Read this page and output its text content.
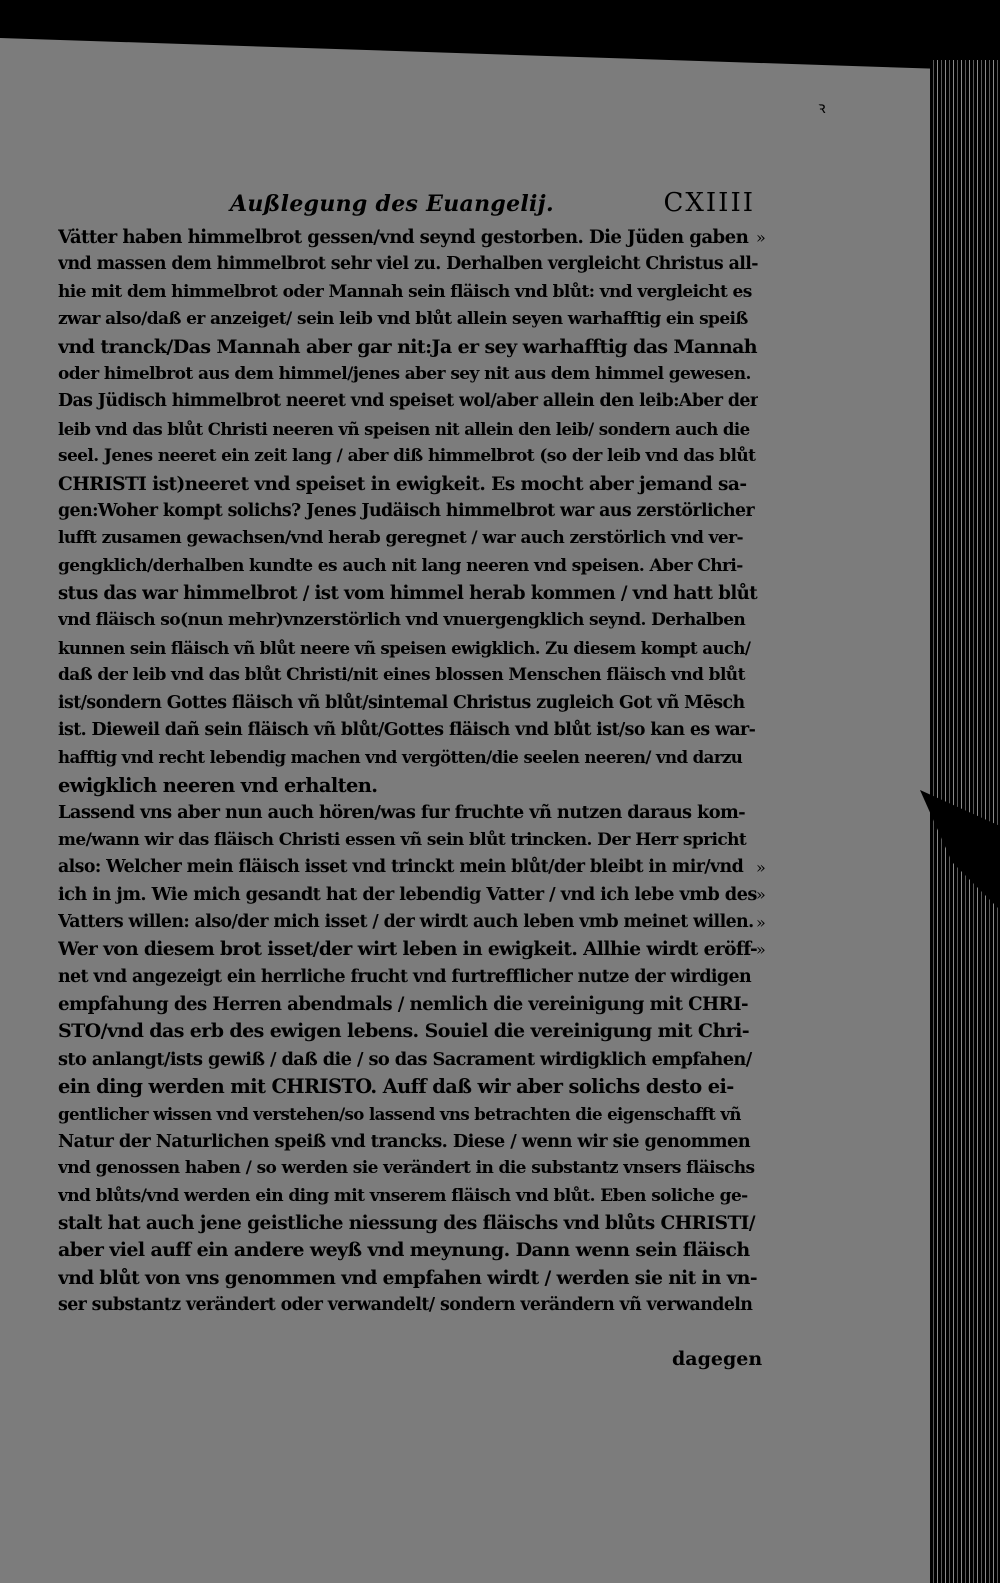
ꝛ
Außlegung des Euangelij.	CXIIII
Vätter haben himmelbrot gessen/vnd seynd gestorben. Die Jüden gaben
vnd massen dem himmelbrot sehr viel zu. Derhalben vergleicht Christus all-
hie mit dem himmelbrot oder Mannah sein fläisch vnd blůt: vnd vergleicht es
zwar also/daß er anzeiget/ sein leib vnd blůt allein seyen warhafftig ein speiß
vnd tranck/Das Mannah aber gar nit:Ja er sey warhafftig das Mannah
oder himelbrot aus dem himmel/jenes aber sey nit aus dem himmel gewesen.
Das Jüdisch himmelbrot neeret vnd speiset wol/aber allein den leib:Aber der
leib vnd das blůt Christi neeren vñ speisen nit allein den leib/ sondern auch die
seel. Jenes neeret ein zeit lang / aber diß himmelbrot (so der leib vnd das blůt
CHRISTI ist)neeret vnd speiset in ewigkeit. Es mocht aber jemand sa-
gen:Woher kompt solichs? Jenes Judäisch himmelbrot war aus zerstörlicher
lufft zusamen gewachsen/vnd herab geregnet / war auch zerstörlich vnd ver-
gengklich/derhalben kundte es auch nit lang neeren vnd speisen. Aber Chri-
stus das war himmelbrot / ist vom himmel herab kommen / vnd hatt blůt
vnd fläisch so(nun mehr)vnzerstörlich vnd vnuergengklich seynd. Derhalben
kunnen sein fläisch vñ blůt neere vñ speisen ewigklich. Zu diesem kompt auch/
daß der leib vnd das blůt Christi/nit eines blossen Menschen fläisch vnd blůt
ist/sondern Gottes fläisch vñ blůt/sintemal Christus zugleich Got vñ Mēsch
ist. Dieweil dañ sein fläisch vñ blůt/Gottes fläisch vnd blůt ist/so kan es war-
hafftig vnd recht lebendig machen vnd vergötten/die seelen neeren/ vnd darzu
ewigklich neeren vnd erhalten.
Lassend vns aber nun auch hören/was fur fruchte vñ nutzen daraus kom-
me/wann wir das fläisch Christi essen vñ sein blůt trincken. Der Herr spricht
also: Welcher mein fläisch isset vnd trinckt mein blůt/der bleibt in mir/vnd
ich in jm. Wie mich gesandt hat der lebendig Vatter / vnd ich lebe vmb des
Vatters willen: also/der mich isset / der wirdt auch leben vmb meinet willen.
Wer von diesem brot isset/der wirt leben in ewigkeit. Allhie wirdt eröff-
net vnd angezeigt ein herrliche frucht vnd furtrefflicher nutze der wirdigen
empfahung des Herren abendmals / nemlich die vereinigung mit CHRI-
STO/vnd das erb des ewigen lebens. Souiel die vereinigung mit Chri-
sto anlangt/ists gewiß / daß die / so das Sacrament wirdigklich empfahen/
ein ding werden mit CHRISTO. Auff daß wir aber solichs desto ei-
gentlicher wissen vnd verstehen/so lassend vns betrachten die eigenschafft vñ
Natur der Naturlichen speiß vnd trancks. Diese / wenn wir sie genommen
vnd genossen haben / so werden sie verändert in die substantz vnsers fläischs
vnd blůts/vnd werden ein ding mit vnserem fläisch vnd blůt. Eben soliche ge-
stalt hat auch jene geistliche niessung des fläischs vnd blůts CHRISTI/
aber viel auff ein andere weyß vnd meynung. Dann wenn sein fläisch
vnd blůt von vns genommen vnd empfahen wirdt / werden sie nit in vn-
ser substantz verändert oder verwandelt/ sondern verändern vñ verwandeln
»
»
»
»
»
dagegen
